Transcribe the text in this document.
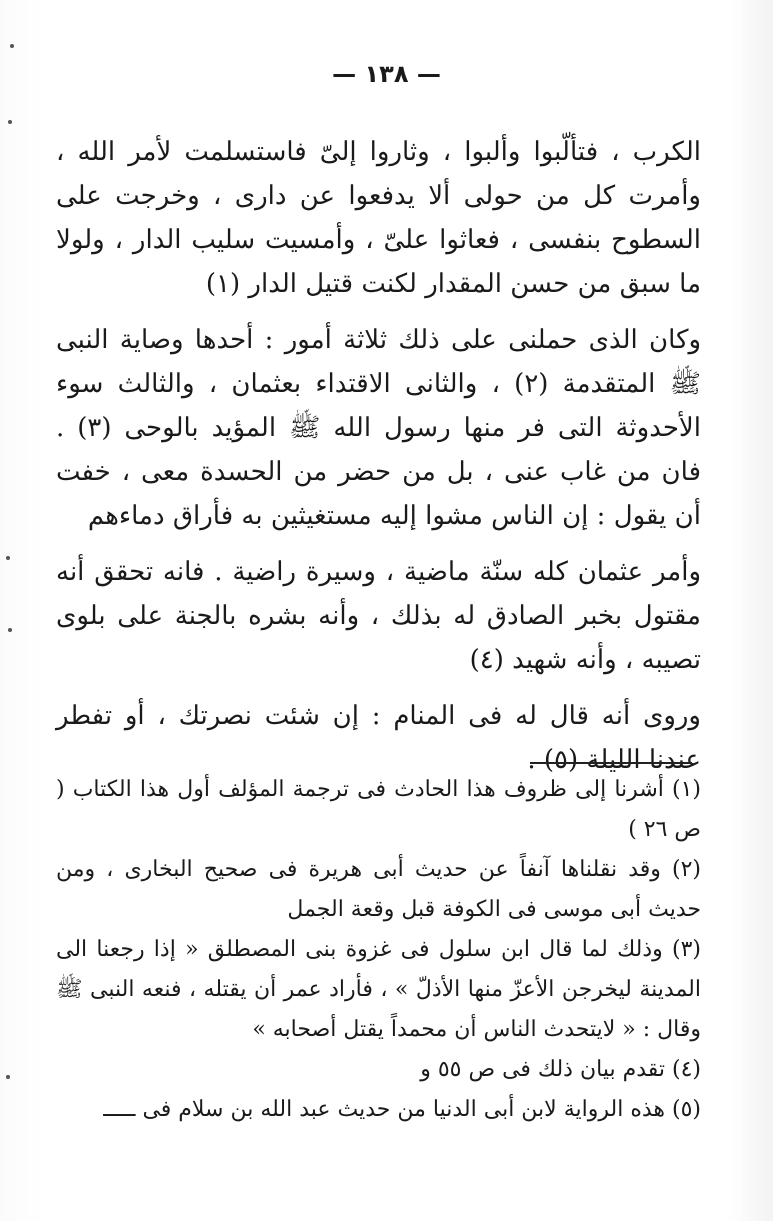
— ١٣٨ —

الكرب ، فتألّبوا وألبوا ، وثاروا إلىّ فاستسلمت لأمر الله ، وأمرت كل من حولى ألا يدفعوا عن دارى ، وخرجت على السطوح بنفسى ، فعاثوا علىّ ، وأمسيت سليب الدار ، ولولا ما سبق من حسن المقدار لكنت قتيل الدار (١)

وكان الذى حملنى على ذلك ثلاثة أمور : أحدها وصاية النبى ﷺ المتقدمة (٢) ، والثانى الاقتداء بعثمان ، والثالث سوء الأحدوثة التى فر منها رسول الله ﷺ المؤيد بالوحى (٣) . فان من غاب عنى ، بل من حضر من الحسدة معى ، خفت أن يقول : إن الناس مشوا إليه مستغيثين به فأراق دماءهم

وأمر عثمان كله سنّة ماضية ، وسيرة راضية . فانه تحقق أنه مقتول بخبر الصادق له بذلك ، وأنه بشره بالجنة على بلوى تصيبه ، وأنه شهيد (٤)

وروى أنه قال له فى المنام : إن شئت نصرتك ، أو تفطر عندنا الليلة (٥) .

(١) أشرنا إلى ظروف هذا الحادث فى ترجمة المؤلف أول هذا الكتاب ( ص ٢٦ )

(٢) وقد نقلناها آنفاً عن حديث أبى هريرة فى صحيح البخارى ، ومن حديث أبى موسى فى الكوفة قبل وقعة الجمل

(٣) وذلك لما قال ابن سلول فى غزوة بنى المصطلق « إذا رجعنا الى المدينة ليخرجن الأعزّ منها الأذلّ » ، فأراد عمر أن يقتله ، فنعه النبى ﷺ وقال : « لايتحدث الناس أن محمداً يقتل أصحابه »

(٤) تقدم بيان ذلك فى ص ٥٥ و

(٥) هذه الرواية لابن أبى الدنيا من حديث عبد الله بن سلام فى ـــــ
